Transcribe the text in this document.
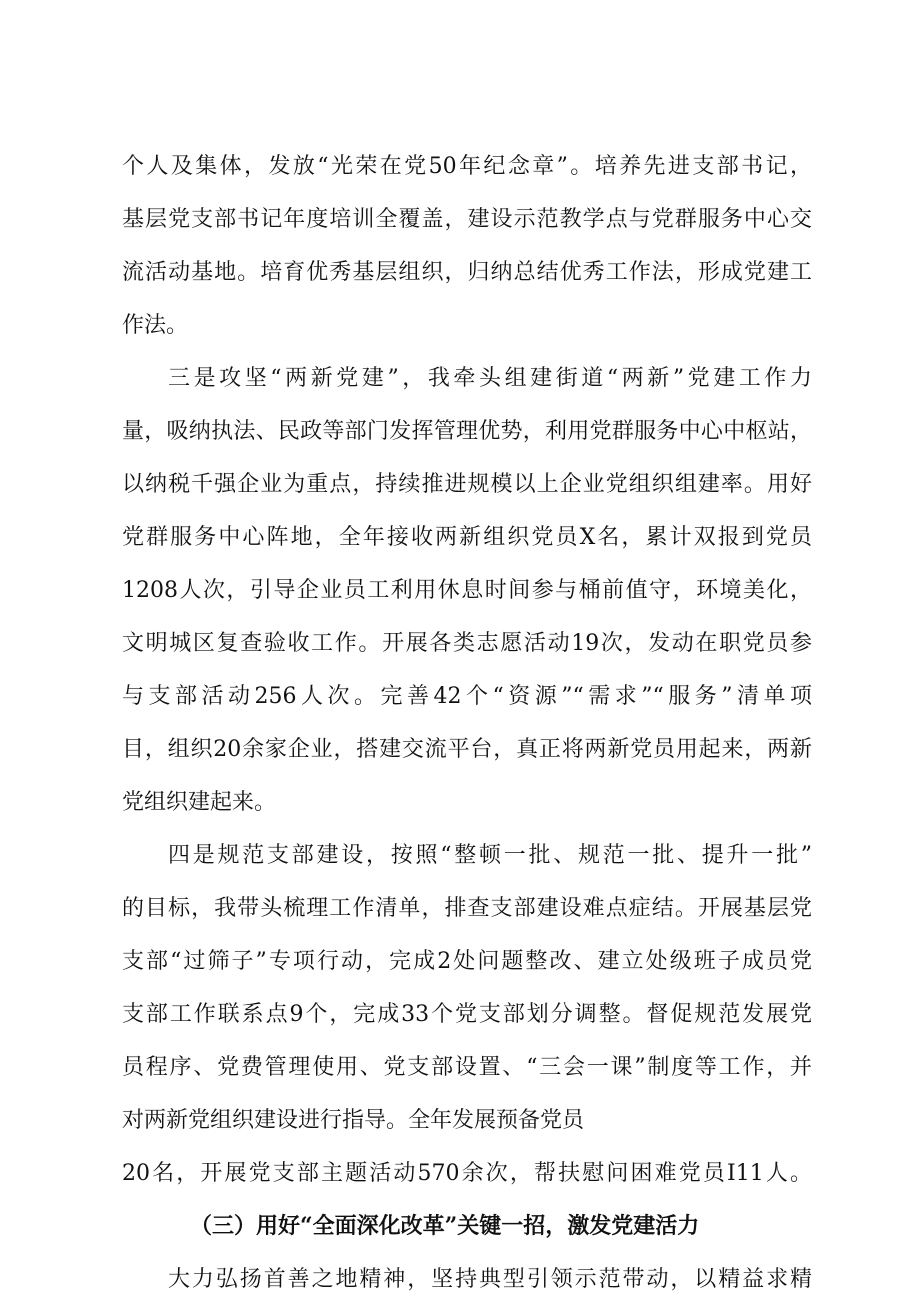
个人及集体，发放“光荣在党50年纪念章”。培养先进支部书记，
基层党支部书记年度培训全覆盖，建设示范教学点与党群服务中心交
流活动基地。培育优秀基层组织，归纳总结优秀工作法，形成党建工
作法。
三是攻坚“两新党建”，我牵头组建街道“两新”党建工作力
量，吸纳执法、民政等部门发挥管理优势，利用党群服务中心中枢站，
以纳税千强企业为重点，持续推进规模以上企业党组织组建率。用好
党群服务中心阵地，全年接收两新组织党员X名，累计双报到党员
1208人次，引导企业员工利用休息时间参与桶前值守，环境美化，
文明城区复查验收工作。开展各类志愿活动19次，发动在职党员参
与支部活动256人次。完善42个“资源”“需求”“服务”清单项
目，组织20余家企业，搭建交流平台，真正将两新党员用起来，两新
党组织建起来。
四是规范支部建设，按照“整顿一批、规范一批、提升一批”
的目标，我带头梳理工作清单，排查支部建设难点症结。开展基层党
支部“过筛子”专项行动，完成2处问题整改、建立处级班子成员党
支部工作联系点9个，完成33个党支部划分调整。督促规范发展党
员程序、党费管理使用、党支部设置、“三会一课”制度等工作，并
对两新党组织建设进行指导。全年发展预备党员
20名，开展党支部主题活动570余次，帮扶慰问困难党员I11人。
（三）用好“全面深化改革”关键一招，激发党建活力
大力弘扬首善之地精神，坚持典型引领示范带动，以精益求精
